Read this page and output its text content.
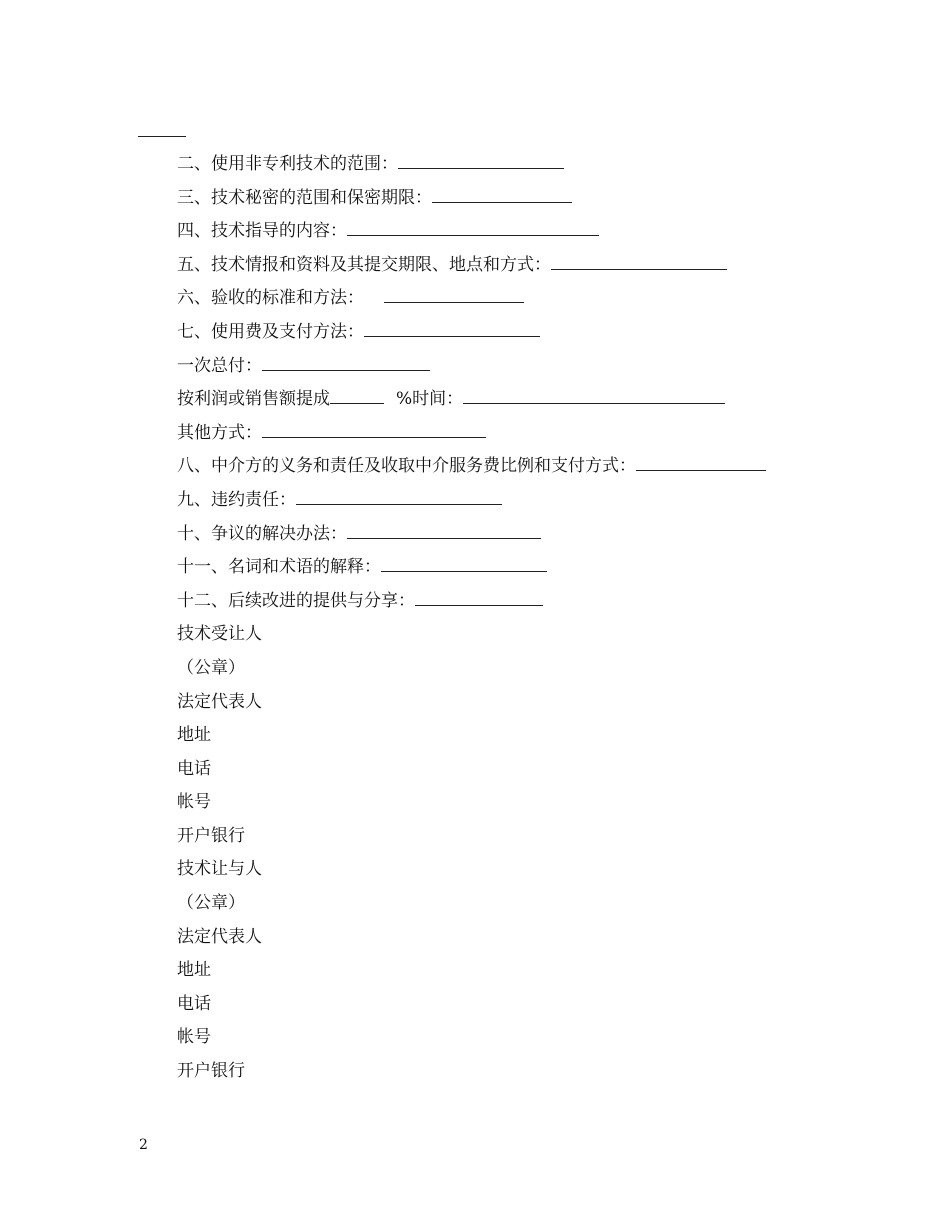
二、使用非专利技术的范围：
三、技术秘密的范围和保密期限：
四、技术指导的内容：
五、技术情报和资料及其提交期限、地点和方式：
六、验收的标准和方法：
七、使用费及支付方法：
一次总付：
按利润或销售额提成	%时间：
其他方式：
八、中介方的义务和责任及收取中介服务费比例和支付方式：
九、违约责任：
十、争议的解决办法：
十一、名词和术语的解释：
十二、后续改进的提供与分享：
技术受让人
（公章）
法定代表人
地址
电话
帐号
开户银行
技术让与人
（公章）
法定代表人
地址
电话
帐号
开户银行
2
